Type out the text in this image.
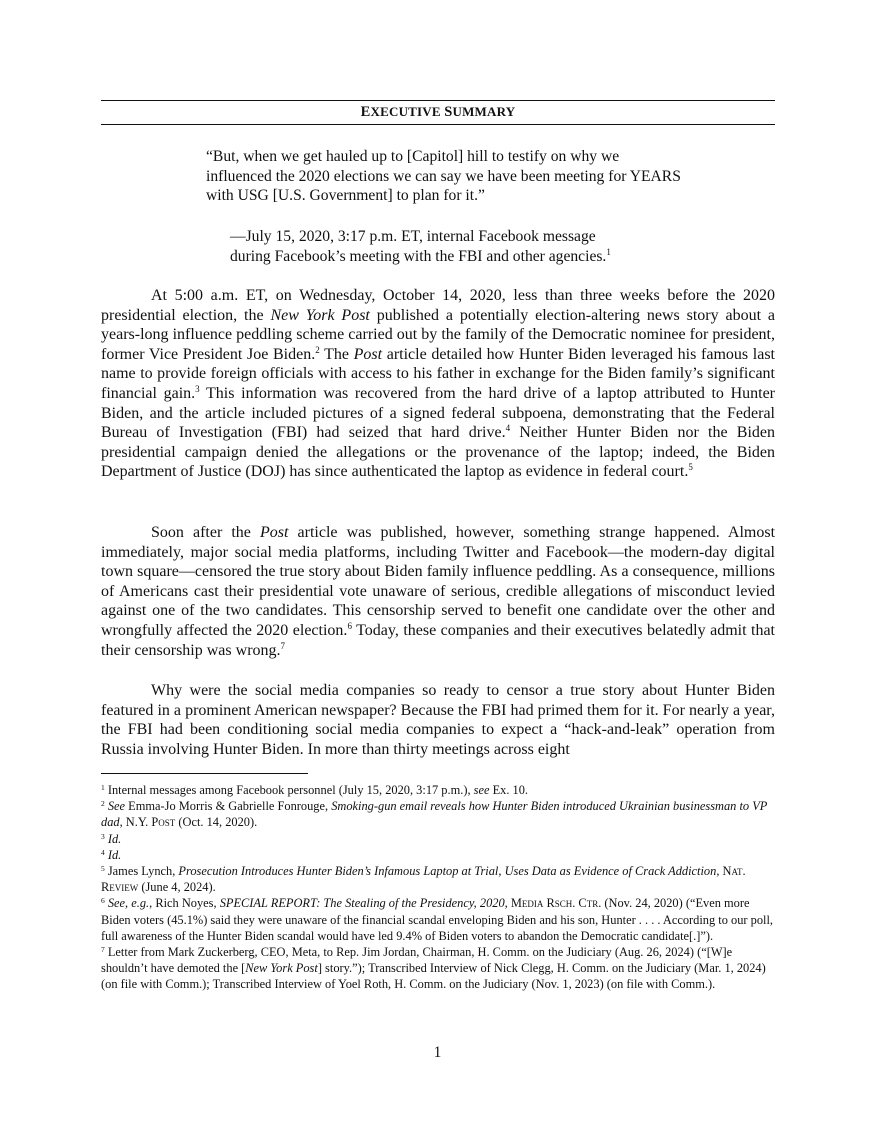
EXECUTIVE SUMMARY
“But, when we get hauled up to [Capitol] hill to testify on why we influenced the 2020 elections we can say we have been meeting for YEARS with USG [U.S. Government] to plan for it.”
—July 15, 2020, 3:17 p.m. ET, internal Facebook message
during Facebook’s meeting with the FBI and other agencies.$^1$
At 5:00 a.m. ET, on Wednesday, October 14, 2020, less than three weeks before the 2020 presidential election, the New York Post published a potentially election-altering news story about a years-long influence peddling scheme carried out by the family of the Democratic nominee for president, former Vice President Joe Biden.$^2$ The Post article detailed how Hunter Biden leveraged his famous last name to provide foreign officials with access to his father in exchange for the Biden family’s significant financial gain.$^3$ This information was recovered from the hard drive of a laptop attributed to Hunter Biden, and the article included pictures of a signed federal subpoena, demonstrating that the Federal Bureau of Investigation (FBI) had seized that hard drive.$^4$ Neither Hunter Biden nor the Biden presidential campaign denied the allegations or the provenance of the laptop; indeed, the Biden Department of Justice (DOJ) has since authenticated the laptop as evidence in federal court.$^5$
Soon after the Post article was published, however, something strange happened. Almost immediately, major social media platforms, including Twitter and Facebook—the modern-day digital town square—censored the true story about Biden family influence peddling. As a consequence, millions of Americans cast their presidential vote unaware of serious, credible allegations of misconduct levied against one of the two candidates. This censorship served to benefit one candidate over the other and wrongfully affected the 2020 election.$^6$ Today, these companies and their executives belatedly admit that their censorship was wrong.$^7$
Why were the social media companies so ready to censor a true story about Hunter Biden featured in a prominent American newspaper? Because the FBI had primed them for it. For nearly a year, the FBI had been conditioning social media companies to expect a “hack-and-leak” operation from Russia involving Hunter Biden. In more than thirty meetings across eight

$^1$ Internal messages among Facebook personnel (July 15, 2020, 3:17 p.m.), see Ex. 10.

$^2$ See Emma-Jo Morris & Gabrielle Fonrouge, Smoking-gun email reveals how Hunter Biden introduced Ukrainian businessman to VP dad, N.Y. Post (Oct. 14, 2020).

$^3$ Id.

$^4$ Id.

$^5$ James Lynch, Prosecution Introduces Hunter Biden’s Infamous Laptop at Trial, Uses Data as Evidence of Crack Addiction, Nat. Review (June 4, 2024).

$^6$ See, e.g., Rich Noyes, SPECIAL REPORT: The Stealing of the Presidency, 2020, Media Rsch. Ctr. (Nov. 24, 2020) (“Even more Biden voters (45.1%) said they were unaware of the financial scandal enveloping Biden and his son, Hunter . . . . According to our poll, full awareness of the Hunter Biden scandal would have led 9.4% of Biden voters to abandon the Democratic candidate[.]”).

$^7$ Letter from Mark Zuckerberg, CEO, Meta, to Rep. Jim Jordan, Chairman, H. Comm. on the Judiciary (Aug. 26, 2024) (“[W]e shouldn’t have demoted the [New York Post] story.”); Transcribed Interview of Nick Clegg, H. Comm. on the Judiciary (Mar. 1, 2024) (on file with Comm.); Transcribed Interview of Yoel Roth, H. Comm. on the Judiciary (Nov. 1, 2023) (on file with Comm.).

1
